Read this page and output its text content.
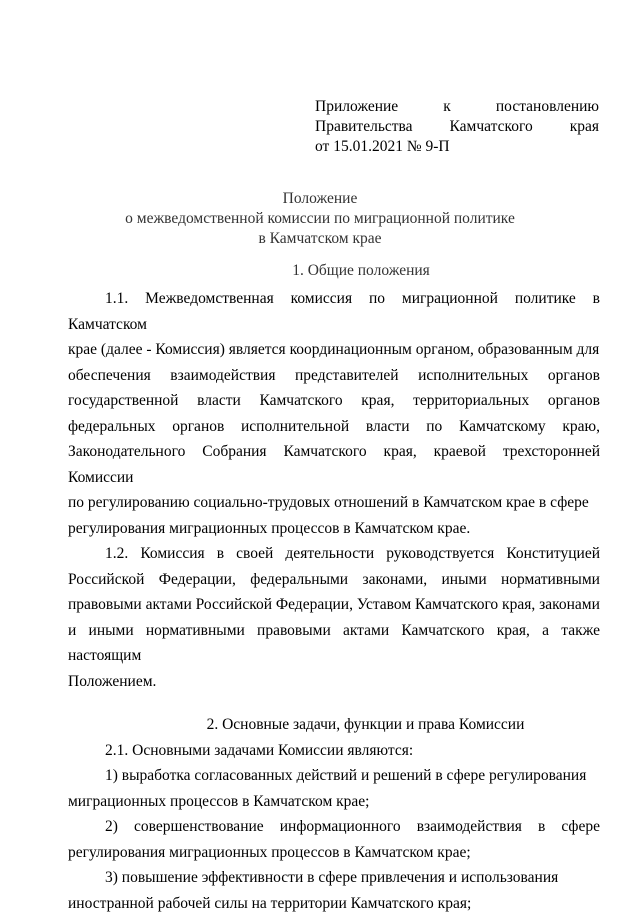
Приложение	к	постановлению
Правительства Камчатского края
от 15.01.2021 № 9-П
Положение
о межведомственной комиссии по миграционной политике
в Камчатском крае
1. Общие положения
1.1. Межведомственная комиссия по миграционной политике в Камчатском
крае (далее - Комиссия) является координационным органом, образованным для
обеспечения взаимодействия представителей исполнительных органов
государственной власти Камчатского края, территориальных органов
федеральных органов исполнительной власти по Камчатскому краю,
Законодательного Собрания Камчатского края, краевой трехсторонней Комиссии
по регулированию социально-трудовых отношений в Камчатском крае в сфере
регулирования миграционных процессов в Камчатском крае.
1.2. Комиссия в своей деятельности руководствуется Конституцией
Российской Федерации, федеральными законами, иными нормативными
правовыми актами Российской Федерации, Уставом Камчатского края, законами
и иными нормативными правовыми актами Камчатского края, а также настоящим
Положением.
2. Основные задачи, функции и права Комиссии
2.1. Основными задачами Комиссии являются:
1) выработка согласованных действий и решений в сфере регулирования
миграционных процессов в Камчатском крае;
2) совершенствование информационного взаимодействия в сфере
регулирования миграционных процессов в Камчатском крае;
3) повышение эффективности в сфере привлечения и использования
иностранной рабочей силы на территории Камчатского края;
